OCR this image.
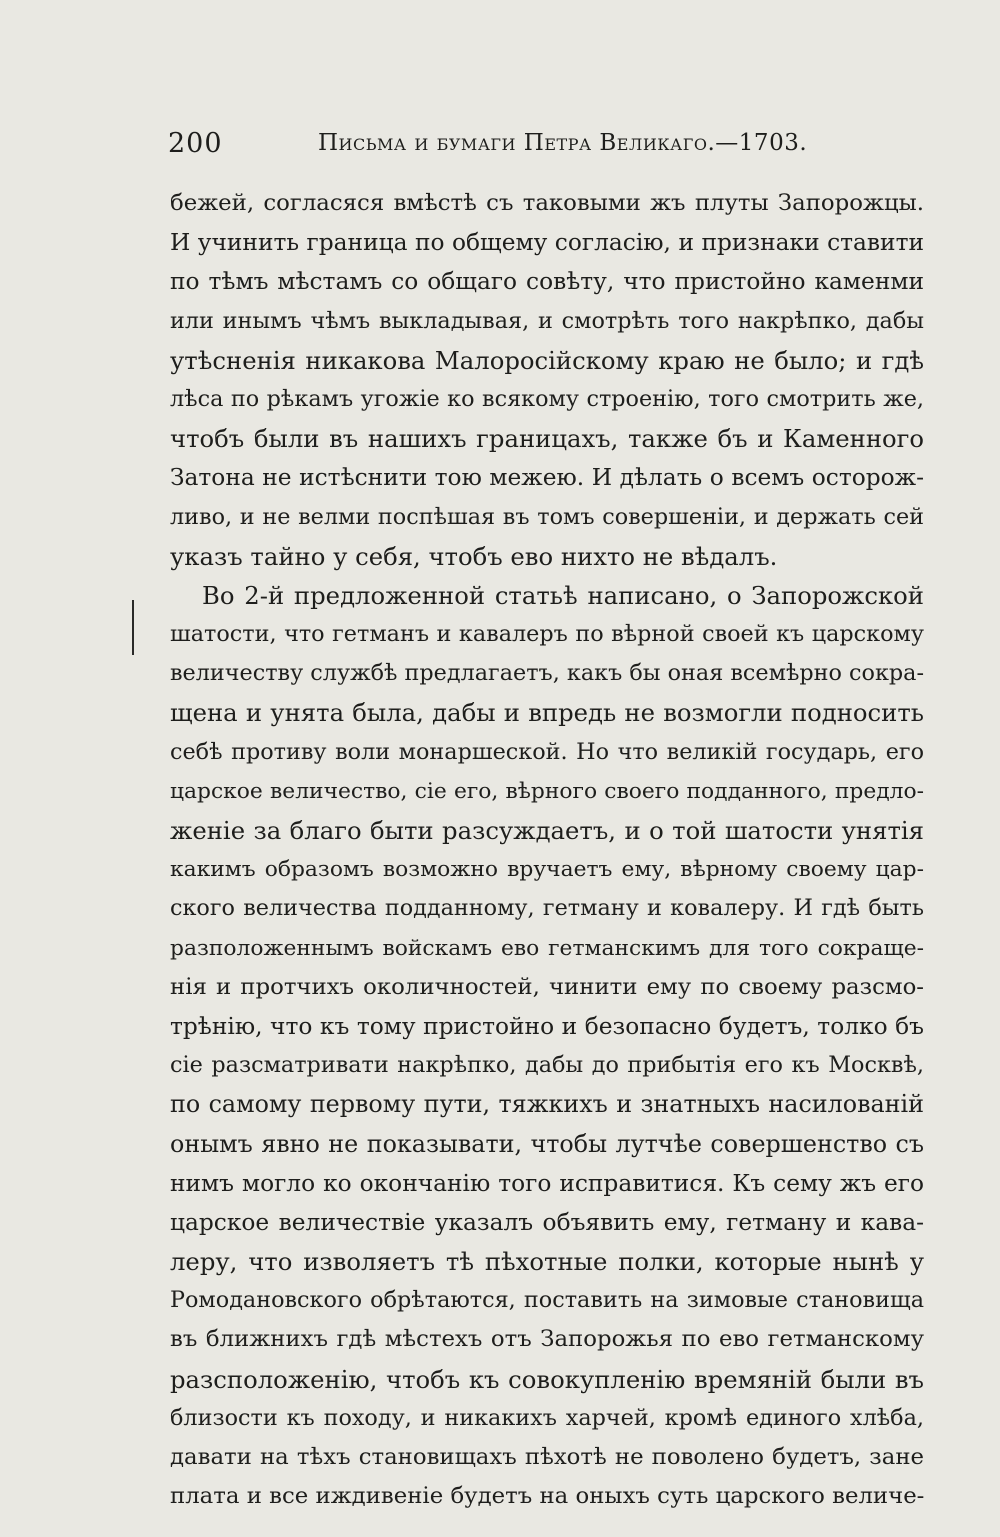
200	Письма и бумаги Петра Великаго.—1703.
бежей, согласяся вмѣстѣ съ таковыми жъ плуты Запорожцы.
И учинить граница по общему согласію, и признаки ставити
по тѣмъ мѣстамъ со общаго совѣту, что пристойно каменми
или инымъ чѣмъ выкладывая, и смотрѣть того накрѣпко, дабы
утѣсненія никакова Малоросійскому краю не было; и гдѣ
лѣса по рѣкамъ угожіе ко всякому строенію, того смотрить же,
чтобъ были въ нашихъ границахъ, также бъ и Каменного
Затона не истѣснити тою межею. И дѣлать о всемъ осторож-
ливо, и не велми поспѣшая въ томъ совершеніи, и держать сей
указъ тайно у себя, чтобъ ево нихто не вѣдалъ.
Во 2-й предложенной статьѣ написано, о Запорожской
шатости, что гетманъ и кавалеръ по вѣрной своей къ царскому
величеству службѣ предлагаетъ, какъ бы оная всемѣрно сокра-
щена и унята была, дабы и впредь не возмогли подносить
себѣ противу воли монаршеской. Но что великій государь, его
царское величество, сіе его, вѣрного своего подданного, предло-
женіе за благо быти разсуждаетъ, и о той шатости унятія
какимъ образомъ возможно вручаетъ ему, вѣрному своему цар-
ского величества подданному, гетману и ковалеру. И гдѣ быть
разположеннымъ войскамъ ево гетманскимъ для того сокраще-
нія и протчихъ околичностей, чинити ему по своему разсмо-
трѣнію, что къ тому пристойно и безопасно будетъ, толко бъ
сіе разсматривати накрѣпко, дабы до прибытія его къ Москвѣ,
по самому первому пути, тяжкихъ и знатныхъ насилованій
онымъ явно не показывати, чтобы лутчѣе совершенство съ
нимъ могло ко окончанію того исправитися. Къ сему жъ его
царское величествіе указалъ объявить ему, гетману и кава-
леру, что изволяетъ тѣ пѣхотные полки, которые нынѣ у
Ромодановского обрѣтаются, поставить на зимовые становища
въ ближнихъ гдѣ мѣстехъ отъ Запорожья по ево гетманскому
разсположенію, чтобъ къ совокупленію времяній были въ
близости къ походу, и никакихъ харчей, кромѣ единого хлѣба,
давати на тѣхъ становищахъ пѣхотѣ не поволено будетъ, зане
плата и все иждивеніе будетъ на оныхъ суть царского величе-
